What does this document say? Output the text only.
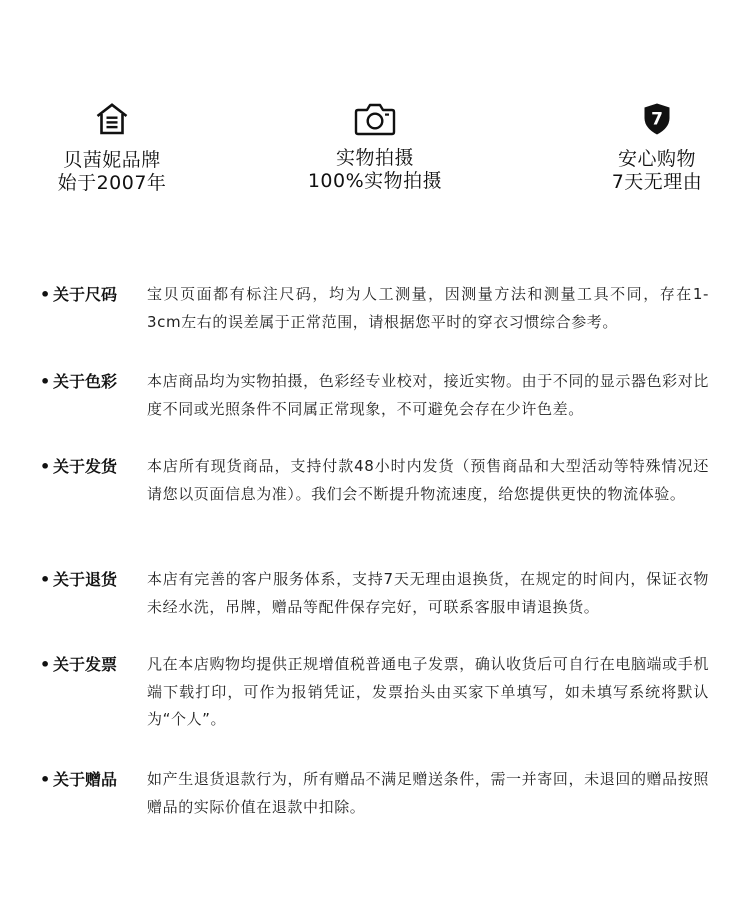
贝茜妮品牌
始于2007年
实物拍摄
100%实物拍摄
7
安心购物
7天无理由
• 关于尺码 宝贝页面都有标注尺码，均为人工测量，因测量方法和测量工具不同，存在1-3cm左右的误差属于正常范围，请根据您平时的穿衣习惯综合参考。
• 关于色彩 本店商品均为实物拍摄，色彩经专业校对，接近实物。由于不同的显示器色彩对比度不同或光照条件不同属正常现象，不可避免会存在少许色差。
• 关于发货 本店所有现货商品，支持付款48小时内发货（预售商品和大型活动等特殊情况还请您以页面信息为准）。我们会不断提升物流速度，给您提供更快的物流体验。
• 关于退货 本店有完善的客户服务体系，支持7天无理由退换货，在规定的时间内，保证衣物未经水洗，吊牌，赠品等配件保存完好，可联系客服申请退换货。
• 关于发票 凡在本店购物均提供正规增值税普通电子发票，确认收货后可自行在电脑端或手机端下载打印，可作为报销凭证，发票抬头由买家下单填写，如未填写系统将默认为“个人”。
• 关于赠品 如产生退货退款行为，所有赠品不满足赠送条件，需一并寄回，未退回的赠品按照赠品的实际价值在退款中扣除。
